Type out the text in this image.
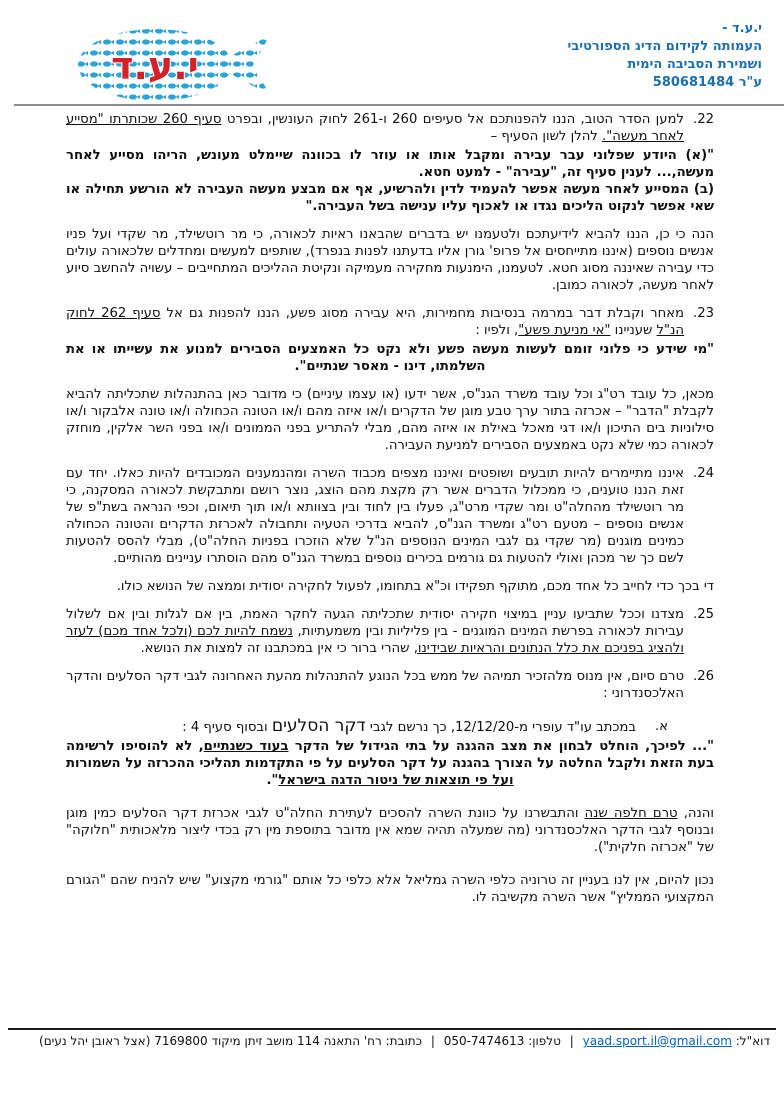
י.ע.ד
י.ע.ד -
העמותה לקידום הדיג הספורטיבי
ושמירת הסביבה הימית
ע"ר 580681484
22.
למען הסדר הטוב, הננו להפנותכם אל סעיפים 260 ו-261 לחוק העונשין, ובפרט סעיף 260 שכותרתו "מסייע לאחר מעשה". להלן לשון הסעיף –
"(א) היודע שפלוני עבר עבירה ומקבל אותו או עוזר לו בכוונה שיימלט מעונש, הריהו מסייע לאחר מעשה,... לענין סעיף זה, "עבירה" - למעט חטא.
(ב) המסייע לאחר מעשה אפשר להעמיד לדין ולהרשיע, אף אם מבצע מעשה העבירה לא הורשע תחילה או שאי אפשר לנקוט הליכים נגדו או לאכוף עליו ענישה בשל העבירה."
הנה כי כן, הננו להביא לידיעתכם ולטעמנו יש בדברים שהבאנו ראיות לכאורה, כי מר רוטשילד, מר שקדי ועל פניו אנשים נוספים (איננו מתייחסים אל פרופ' גורן אליו בדעתנו לפנות בנפרד), שותפים למעשים ומחדלים שלכאורה עולים כדי עבירה שאיננה מסוג חטא. לטעמנו, הימנעות מחקירה מעמיקה ונקיטת ההליכים המתחייבים – עשויה להחשב סיוע לאחר מעשה, לכאורה כמובן.
23.
מאחר וקבלת דבר במרמה בנסיבות מחמירות, היא עבירה מסוג פשע, הננו להפנות גם אל סעיף 262 לחוק הנ"ל שעניינו "אי מניעת פשע", ולפיו :
"מי שידע כי פלוני זומם לעשות מעשה פשע ולא נקט כל האמצעים הסבירים למנוע את עשייתו או את השלמתו, דינו - מאסר שנתיים".
מכאן, כל עובד רט"ג וכל עובד משרד הגנ"ס, אשר ידעו (או עצמו עיניים) כי מדובר כאן בהתנהלות שתכליתה להביא לקבלת "הדבר" – אכרזה בתור ערך טבע מוגן של הדקרים ו/או איזה מהם ו/או הטונה הכחולה ו/או טונה אלבקור ו/או סילוניות בים התיכון ו/או דגי מאכל באילת או איזה מהם, מבלי להתריע בפני הממונים ו/או בפני השר אלקין, מוחזק לכאורה כמי שלא נקט באמצעים הסבירים למניעת העבירה.
24.
איננו מתיימרים להיות תובעים ושופטים ואיננו מצפים מכבוד השרה ומהנמענים המכובדים להיות כאלו. יחד עם זאת הננו טוענים, כי ממכלול הדברים אשר רק מקצת מהם הוצג, נוצר רושם ומתבקשת לכאורה המסקנה, כי מר רוטשילד מהחלה"ט ומר שקדי מרט"ג, פעלו בין לחוד ובין בצוותא ו/או תוך תיאום, וכפי הנראה בשת"פ של אנשים נוספים – מטעם רט"ג ומשרד הגנ"ס, להביא בדרכי הטעיה ותחבולה לאכרזת הדקרים והטונה הכחולה כמינים מוגנים (מר שקדי גם לגבי המינים הנוספים הנ"ל שלא הוזכרו בפניות החלה"ט), מבלי להסס להטעות לשם כך שר מכהן ואולי להטעות גם גורמים בכירים נוספים במשרד הגנ"ס מהם הוסתרו עניינים מהותיים.
די בכך כדי לחייב כל אחד מכם, מתוקף תפקידו וכ"א בתחומו, לפעול לחקירה יסודית וממצה של הנושא כולו.
25.
מצדנו וככל שתביעו עניין במיצוי חקירה יסודית שתכליתה הגעה לחקר האמת, בין אם לגלות ובין אם לשלול עבירות לכאורה בפרשת המינים המוגנים - בין פליליות ובין משמעתיות, נשמח להיות לכם (ולכל אחד מכם) לעזר ולהציג בפניכם את כלל הנתונים והראיות שבידינו, שהרי ברור כי אין במכתבנו זה למצות את הנושא.
26.
טרם סיום, אין מנוס מלהזכיר תמיהה של ממש בכל הנוגע להתנהלות מהעת האחרונה לגבי דקר הסלעים והדקר האלכסנדרוני :
א.
במכתב עו"ד עופרי מ-12/12/20, כך נרשם לגבי דקר הסלעים ובסוף סעיף 4 :
"... לפיכך, הוחלט לבחון את מצב ההגנה על בתי הגידול של הדקר בעוד כשנתיים, לא להוסיפו לרשימה בעת הזאת ולקבל החלטה על הצורך בהגנה על דקר הסלעים על פי התקדמות תהליכי ההכרזה על השמורות ועל פי תוצאות של ניטור הדגה בישראל".
והנה, טרם חלפה שנה והתבשרנו על כוונת השרה להסכים לעתירת החלה"ט לגבי אכרזת דקר הסלעים כמין מוגן ובנוסף לגבי הדקר האלכסנדרוני (מה שמעלה תהיה שמא אין מדובר בתוספת מין רק בכדי ליצור מלאכותית "חלוקה" של "אכרזה חלקית").
נכון להיום, אין לנו בעניין זה טרוניה כלפי השרה גמליאל אלא כלפי כל אותם "גורמי מקצוע" שיש להניח שהם "הגורם המקצועי הממליץ" אשר השרה מקשיבה לו.
דוא"ל: yaad.sport.il@gmail.com | טלפון: 050-7474613 | כתובת: רח' התאנה 114 מושב זיתן מיקוד 7169800 (אצל ראובן יהל נעים)
